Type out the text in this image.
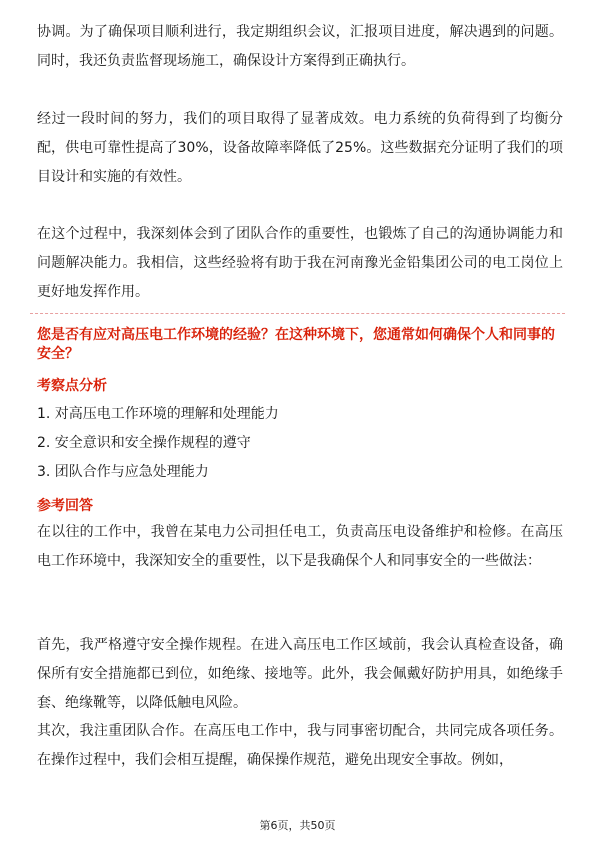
协调。为了确保项目顺利进行，我定期组织会议，汇报项目进度，解决遇到的问题。同时，我还负责监督现场施工，确保设计方案得到正确执行。

经过一段时间的努力，我们的项目取得了显著成效。电力系统的负荷得到了均衡分配，供电可靠性提高了30%，设备故障率降低了25%。这些数据充分证明了我们的项目设计和实施的有效性。

在这个过程中，我深刻体会到了团队合作的重要性，也锻炼了自己的沟通协调能力和问题解决能力。我相信，这些经验将有助于我在河南豫光金铅集团公司的电工岗位上更好地发挥作用。

您是否有应对高压电工作环境的经验？在这种环境下，您通常如何确保个人和同事的安全？

考察点分析
1. 对高压电工作环境的理解和处理能力
2. 安全意识和安全操作规程的遵守
3. 团队合作与应急处理能力
参考回答

在以往的工作中，我曾在某电力公司担任电工，负责高压电设备维护和检修。在高压电工作环境中，我深知安全的重要性，以下是我确保个人和同事安全的一些做法：

首先，我严格遵守安全操作规程。在进入高压电工作区域前，我会认真检查设备，确保所有安全措施都已到位，如绝缘、接地等。此外，我会佩戴好防护用具，如绝缘手套、绝缘靴等，以降低触电风险。

其次，我注重团队合作。在高压电工作中，我与同事密切配合，共同完成各项任务。在操作过程中，我们会相互提醒，确保操作规范，避免出现安全事故。例如，

第6页，共50页
